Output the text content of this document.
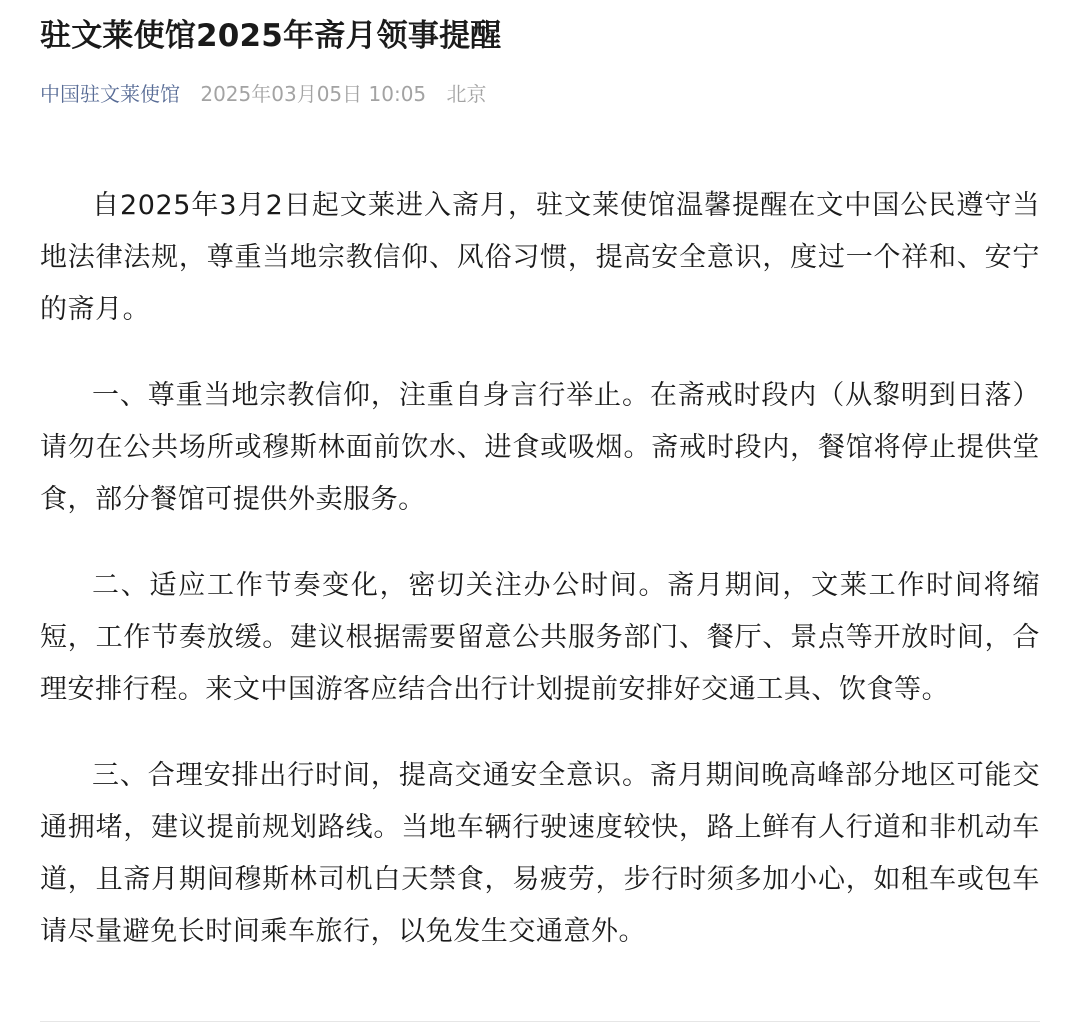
驻文莱使馆2025年斋月领事提醒
中国驻文莱使馆 2025年03月05日 10:05 北京

自2025年3月2日起文莱进入斋月，驻文莱使馆温馨提醒在文中国公民遵守当地法律法规，尊重当地宗教信仰、风俗习惯，提高安全意识，度过一个祥和、安宁的斋月。

一、尊重当地宗教信仰，注重自身言行举止。在斋戒时段内（从黎明到日落）请勿在公共场所或穆斯林面前饮水、进食或吸烟。斋戒时段内，餐馆将停止提供堂食，部分餐馆可提供外卖服务。

二、适应工作节奏变化，密切关注办公时间。斋月期间，文莱工作时间将缩短，工作节奏放缓。建议根据需要留意公共服务部门、餐厅、景点等开放时间，合理安排行程。来文中国游客应结合出行计划提前安排好交通工具、饮食等。

三、合理安排出行时间，提高交通安全意识。斋月期间晚高峰部分地区可能交通拥堵，建议提前规划路线。当地车辆行驶速度较快，路上鲜有人行道和非机动车道，且斋月期间穆斯林司机白天禁食，易疲劳，步行时须多加小心，如租车或包车请尽量避免长时间乘车旅行，以免发生交通意外。
